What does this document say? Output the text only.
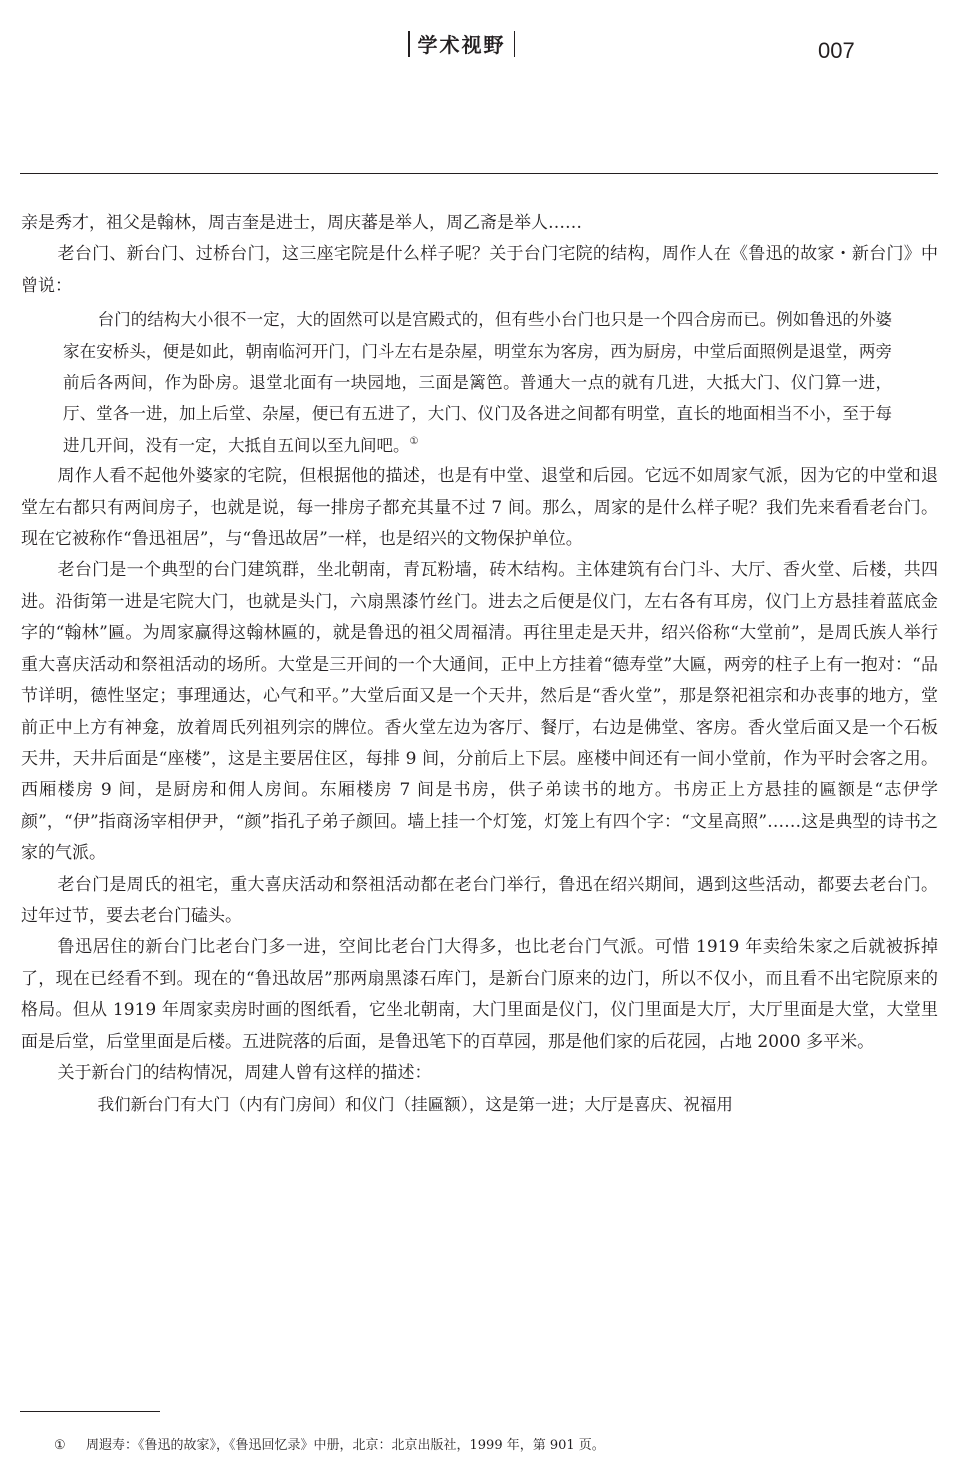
学术视野	007

亲是秀才，祖父是翰林，周吉奎是进士，周庆蕃是举人，周乙斋是举人……

老台门、新台门、过桥台门，这三座宅院是什么样子呢？关于台门宅院的结构，周作人在《鲁迅的故家・新台门》中曾说：

台门的结构大小很不一定，大的固然可以是宫殿式的，但有些小台门也只是一个四合房而已。例如鲁迅的外婆家在安桥头，便是如此，朝南临河开门，门斗左右是杂屋，明堂东为客房，西为厨房，中堂后面照例是退堂，两旁前后各两间，作为卧房。退堂北面有一块园地，三面是篱笆。普通大一点的就有几进，大抵大门、仪门算一进，厅、堂各一进，加上后堂、杂屋，便已有五进了，大门、仪门及各进之间都有明堂，直长的地面相当不小，至于每进几开间，没有一定，大抵自五间以至九间吧。①

周作人看不起他外婆家的宅院，但根据他的描述，也是有中堂、退堂和后园。它远不如周家气派，因为它的中堂和退堂左右都只有两间房子，也就是说，每一排房子都充其量不过 7 间。那么，周家的是什么样子呢？我们先来看看老台门。现在它被称作“鲁迅祖居”，与“鲁迅故居”一样，也是绍兴的文物保护单位。

老台门是一个典型的台门建筑群，坐北朝南，青瓦粉墙，砖木结构。主体建筑有台门斗、大厅、香火堂、后楼，共四进。沿街第一进是宅院大门，也就是头门，六扇黑漆竹丝门。进去之后便是仪门，左右各有耳房，仪门上方悬挂着蓝底金字的“翰林”匾。为周家赢得这翰林匾的，就是鲁迅的祖父周福清。再往里走是天井，绍兴俗称“大堂前”，是周氏族人举行重大喜庆活动和祭祖活动的场所。大堂是三开间的一个大通间，正中上方挂着“德寿堂”大匾，两旁的柱子上有一抱对：“品节详明，德性坚定；事理通达，心气和平。”大堂后面又是一个天井，然后是“香火堂”，那是祭祀祖宗和办丧事的地方，堂前正中上方有神龛，放着周氏列祖列宗的牌位。香火堂左边为客厅、餐厅，右边是佛堂、客房。香火堂后面又是一个石板天井，天井后面是“座楼”，这是主要居住区，每排 9 间，分前后上下层。座楼中间还有一间小堂前，作为平时会客之用。西厢楼房 9 间，是厨房和佣人房间。东厢楼房 7 间是书房，供子弟读书的地方。书房正上方悬挂的匾额是“志伊学颜”，“伊”指商汤宰相伊尹，“颜”指孔子弟子颜回。墙上挂一个灯笼，灯笼上有四个字：“文星高照”……这是典型的诗书之家的气派。

老台门是周氏的祖宅，重大喜庆活动和祭祖活动都在老台门举行，鲁迅在绍兴期间，遇到这些活动，都要去老台门。过年过节，要去老台门磕头。

鲁迅居住的新台门比老台门多一进，空间比老台门大得多，也比老台门气派。可惜 1919 年卖给朱家之后就被拆掉了，现在已经看不到。现在的“鲁迅故居”那两扇黑漆石库门，是新台门原来的边门，所以不仅小，而且看不出宅院原来的格局。但从 1919 年周家卖房时画的图纸看，它坐北朝南，大门里面是仪门，仪门里面是大厅，大厅里面是大堂，大堂里面是后堂，后堂里面是后楼。五进院落的后面，是鲁迅笔下的百草园，那是他们家的后花园，占地 2000 多平米。

关于新台门的结构情况，周建人曾有这样的描述：

我们新台门有大门（内有门房间）和仪门（挂匾额），这是第一进；大厅是喜庆、祝福用

① 周遐寿：《鲁迅的故家》，《鲁迅回忆录》中册，北京：北京出版社，1999 年，第 901 页。
